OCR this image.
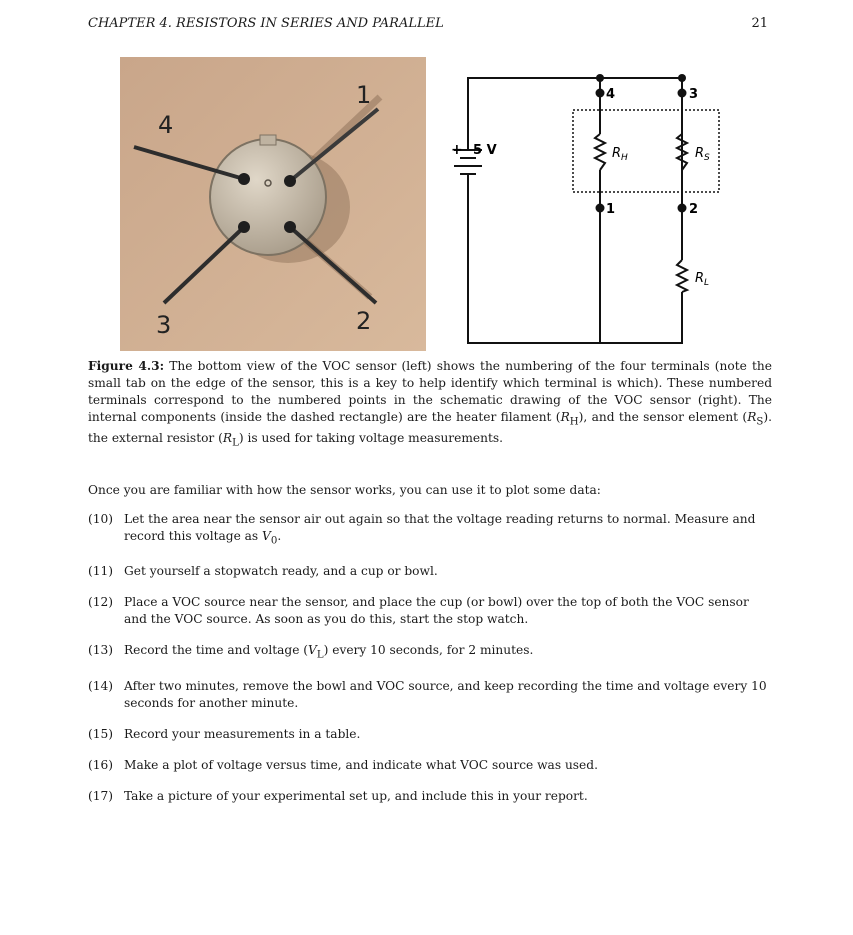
CHAPTER 4. RESISTORS IN SERIES AND PARALLEL	21
1
2
3
4
4	3
1	2
+ 5 V	$R_H$	$R_S$
$R_L$
Figure 4.3: The bottom view of the VOC sensor (left) shows the numbering of the four terminals (note the small tab on the edge of the sensor, this is a key to help identify which terminal is which). These numbered terminals correspond to the numbered points in the schematic drawing of the VOC sensor (right). The internal components (inside the dashed rectangle) are the heater filament $(R_H)$, and the sensor element $(R_S)$. the external resistor $(R_L)$ is used for taking voltage measurements.
Once you are familiar with how the sensor works, you can use it to plot some data:
(10) Let the area near the sensor air out again so that the voltage reading returns to normal. Measure and record this voltage as $V_0$.
(11) Get yourself a stopwatch ready, and a cup or bowl.
(12) Place a VOC source near the sensor, and place the cup (or bowl) over the top of both the VOC sensor and the VOC source. As soon as you do this, start the stop watch.
(13) Record the time and voltage $(V_L)$ every 10 seconds, for 2 minutes.
(14) After two minutes, remove the bowl and VOC source, and keep recording the time and voltage every 10 seconds for another minute.
(15) Record your measurements in a table.
(16) Make a plot of voltage versus time, and indicate what VOC source was used.
(17) Take a picture of your experimental set up, and include this in your report.
